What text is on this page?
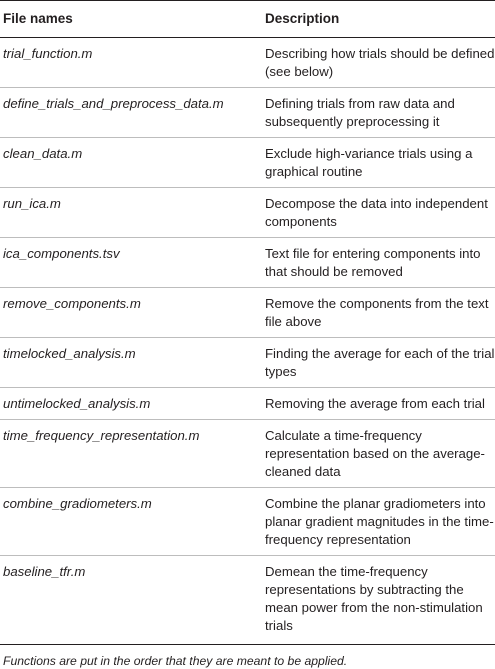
File names	Description
trial_function.m	Describing how trials should be defined (see below)
define_trials_and_preprocess_data.m	Defining trials from raw data and subsequently preprocessing it
clean_data.m	Exclude high-variance trials using a graphical routine
run_ica.m	Decompose the data into independent components
ica_components.tsv	Text file for entering components into that should be removed
remove_components.m	Remove the components from the text file above
timelocked_analysis.m	Finding the average for each of the trial types
untimelocked_analysis.m	Removing the average from each trial
time_frequency_representation.m	Calculate a time-frequency representation based on the average-cleaned data
combine_gradiometers.m	Combine the planar gradiometers into planar gradient magnitudes in the time-frequency representation
baseline_tfr.m	Demean the time-frequency representations by subtracting the mean power from the non-stimulation trials
Functions are put in the order that they are meant to be applied.
